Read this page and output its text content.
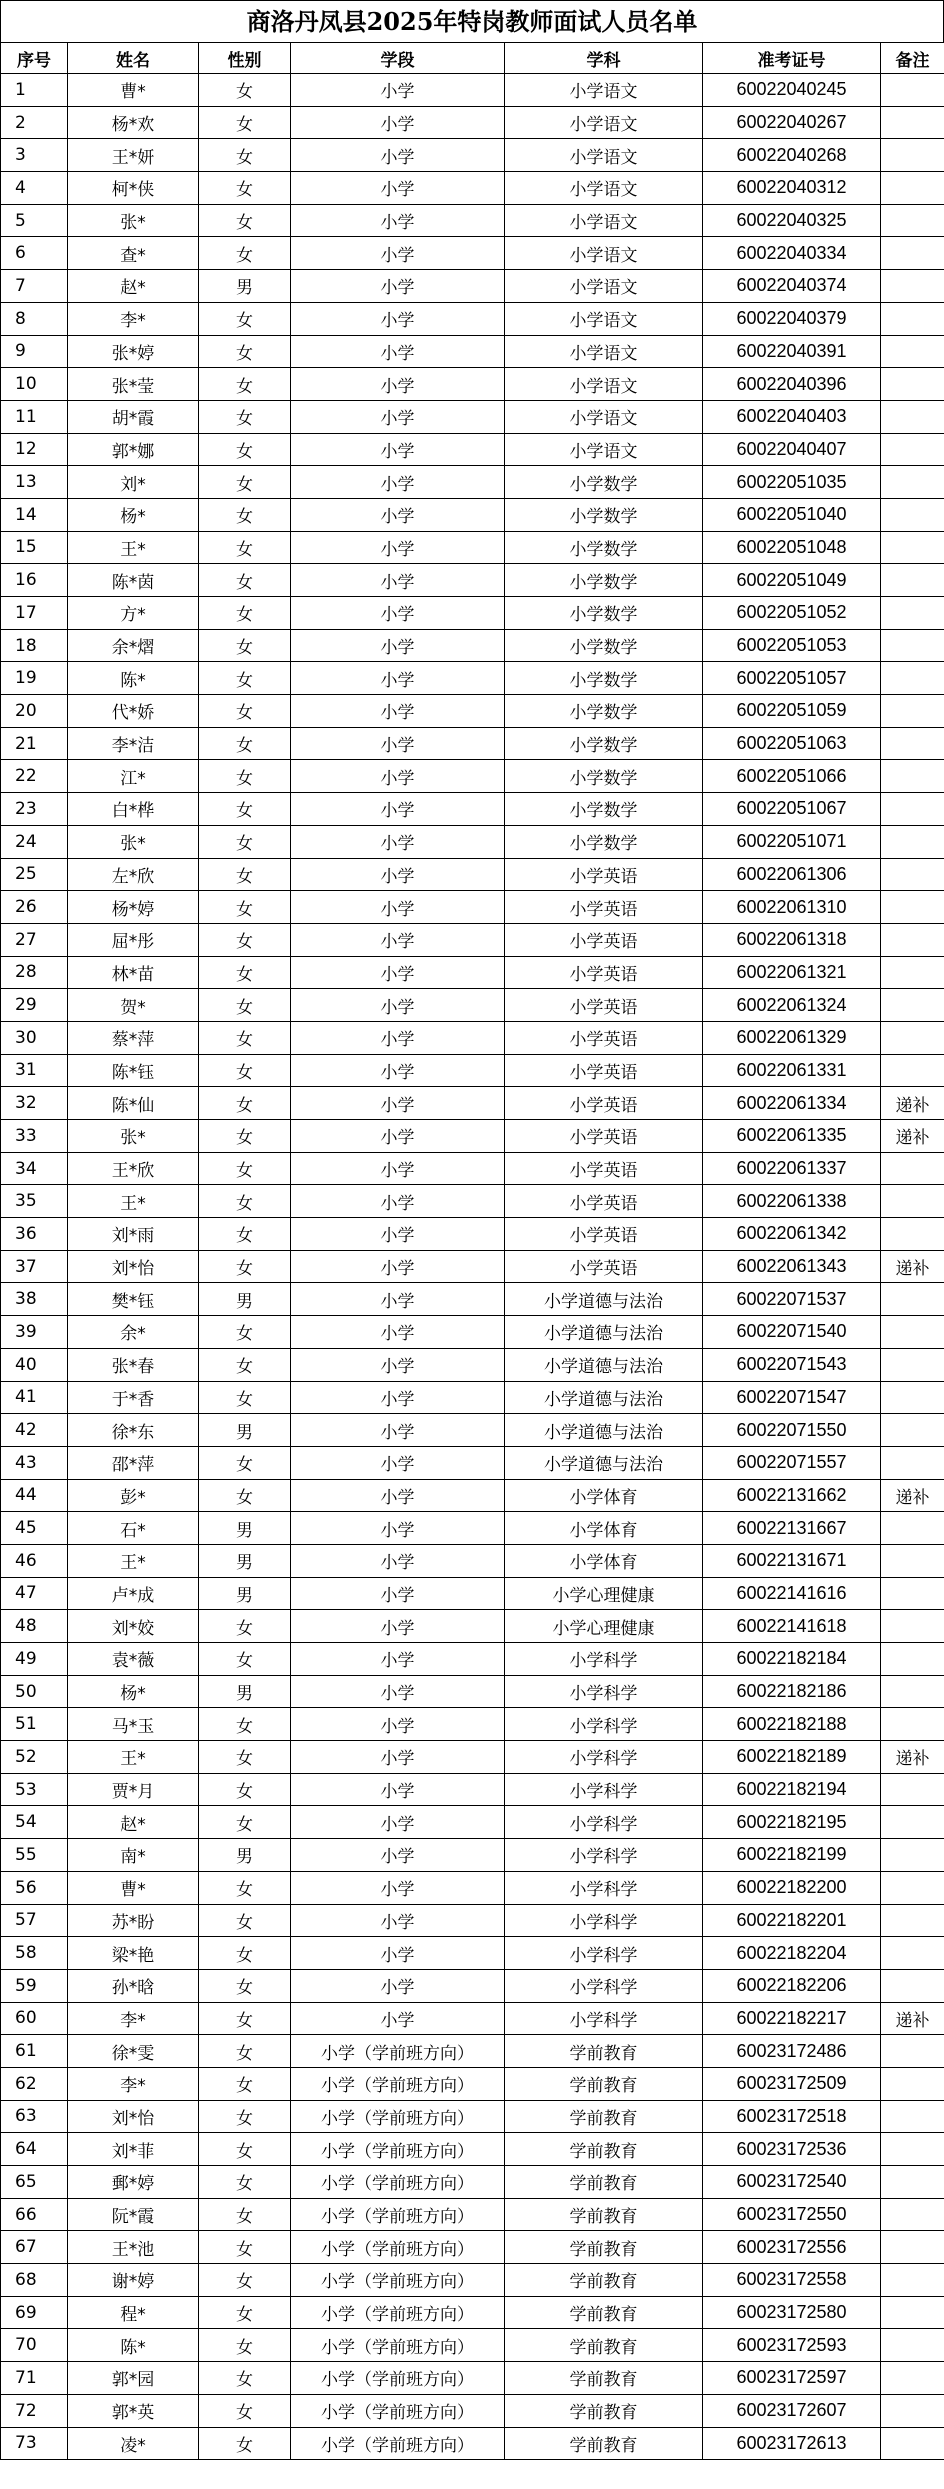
商洛丹凤县2025年特岗教师面试人员名单
序号	姓名	性别	学段	学科	准考证号	备注
1	曹*	女	小学	小学语文	60022040245	
2	杨*欢	女	小学	小学语文	60022040267	
3	王*妍	女	小学	小学语文	60022040268	
4	柯*侠	女	小学	小学语文	60022040312	
5	张*	女	小学	小学语文	60022040325	
6	查*	女	小学	小学语文	60022040334	
7	赵*	男	小学	小学语文	60022040374	
8	李*	女	小学	小学语文	60022040379	
9	张*婷	女	小学	小学语文	60022040391	
10	张*莹	女	小学	小学语文	60022040396	
11	胡*霞	女	小学	小学语文	60022040403	
12	郭*娜	女	小学	小学语文	60022040407	
13	刘*	女	小学	小学数学	60022051035	
14	杨*	女	小学	小学数学	60022051040	
15	王*	女	小学	小学数学	60022051048	
16	陈*茵	女	小学	小学数学	60022051049	
17	方*	女	小学	小学数学	60022051052	
18	余*熠	女	小学	小学数学	60022051053	
19	陈*	女	小学	小学数学	60022051057	
20	代*娇	女	小学	小学数学	60022051059	
21	李*洁	女	小学	小学数学	60022051063	
22	江*	女	小学	小学数学	60022051066	
23	白*桦	女	小学	小学数学	60022051067	
24	张*	女	小学	小学数学	60022051071	
25	左*欣	女	小学	小学英语	60022061306	
26	杨*婷	女	小学	小学英语	60022061310	
27	屈*彤	女	小学	小学英语	60022061318	
28	林*苗	女	小学	小学英语	60022061321	
29	贺*	女	小学	小学英语	60022061324	
30	蔡*萍	女	小学	小学英语	60022061329	
31	陈*钰	女	小学	小学英语	60022061331	
32	陈*仙	女	小学	小学英语	60022061334	递补
33	张*	女	小学	小学英语	60022061335	递补
34	王*欣	女	小学	小学英语	60022061337	
35	王*	女	小学	小学英语	60022061338	
36	刘*雨	女	小学	小学英语	60022061342	
37	刘*怡	女	小学	小学英语	60022061343	递补
38	樊*钰	男	小学	小学道德与法治	60022071537	
39	余*	女	小学	小学道德与法治	60022071540	
40	张*春	女	小学	小学道德与法治	60022071543	
41	于*香	女	小学	小学道德与法治	60022071547	
42	徐*东	男	小学	小学道德与法治	60022071550	
43	邵*萍	女	小学	小学道德与法治	60022071557	
44	彭*	女	小学	小学体育	60022131662	递补
45	石*	男	小学	小学体育	60022131667	
46	王*	男	小学	小学体育	60022131671	
47	卢*成	男	小学	小学心理健康	60022141616	
48	刘*姣	女	小学	小学心理健康	60022141618	
49	袁*薇	女	小学	小学科学	60022182184	
50	杨*	男	小学	小学科学	60022182186	
51	马*玉	女	小学	小学科学	60022182188	
52	王*	女	小学	小学科学	60022182189	递补
53	贾*月	女	小学	小学科学	60022182194	
54	赵*	女	小学	小学科学	60022182195	
55	南*	男	小学	小学科学	60022182199	
56	曹*	女	小学	小学科学	60022182200	
57	苏*盼	女	小学	小学科学	60022182201	
58	梁*艳	女	小学	小学科学	60022182204	
59	孙*晗	女	小学	小学科学	60022182206	
60	李*	女	小学	小学科学	60022182217	递补
61	徐*雯	女	小学（学前班方向）	学前教育	60023172486	
62	李*	女	小学（学前班方向）	学前教育	60023172509	
63	刘*怡	女	小学（学前班方向）	学前教育	60023172518	
64	刘*菲	女	小学（学前班方向）	学前教育	60023172536	
65	郵*婷	女	小学（学前班方向）	学前教育	60023172540	
66	阮*霞	女	小学（学前班方向）	学前教育	60023172550	
67	王*池	女	小学（学前班方向）	学前教育	60023172556	
68	谢*婷	女	小学（学前班方向）	学前教育	60023172558	
69	程*	女	小学（学前班方向）	学前教育	60023172580	
70	陈*	女	小学（学前班方向）	学前教育	60023172593	
71	郭*园	女	小学（学前班方向）	学前教育	60023172597	
72	郭*英	女	小学（学前班方向）	学前教育	60023172607	
73	凌*	女	小学（学前班方向）	学前教育	60023172613	
